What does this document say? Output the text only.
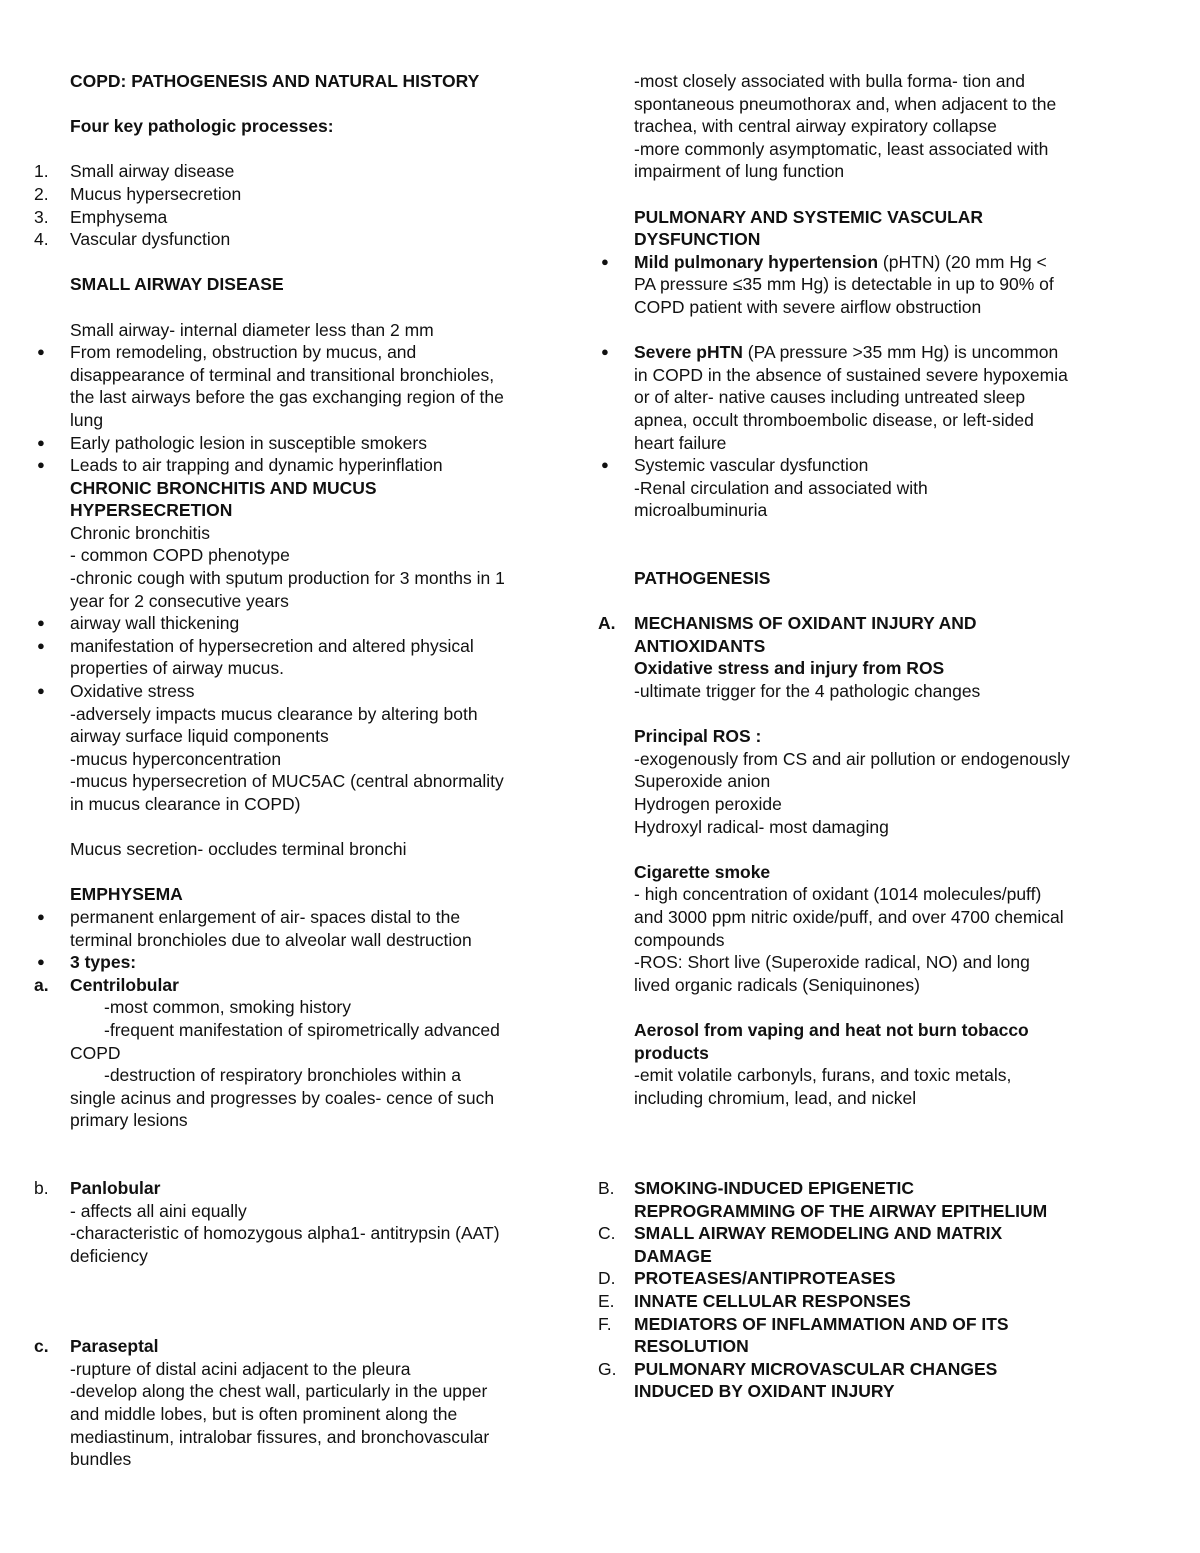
COPD: PATHOGENESIS AND NATURAL HISTORY
Four key pathologic processes:
1.	Small airway disease
2.	Mucus hypersecretion
3.	Emphysema
4.	Vascular dysfunction
SMALL AIRWAY DISEASE
Small airway- internal diameter less than 2 mm
●	From remodeling, obstruction by mucus, and
disappearance of terminal and transitional bronchioles,
the last airways before the gas exchanging region of the
lung
●	Early pathologic lesion in susceptible smokers
●	Leads to air trapping and dynamic hyperinflation
CHRONIC BRONCHITIS AND MUCUS
HYPERSECRETION
Chronic bronchitis
- common COPD phenotype
-chronic cough with sputum production for 3 months in 1
year for 2 consecutive years
●	airway wall thickening
●	manifestation of hypersecretion and altered physical
properties of airway mucus.
●	Oxidative stress
-adversely impacts mucus clearance by altering both
airway surface liquid components
-mucus hyperconcentration
-mucus hypersecretion of MUC5AC (central abnormality
in mucus clearance in COPD)
Mucus secretion- occludes terminal bronchi
EMPHYSEMA
●	permanent enlargement of air- spaces distal to the
terminal bronchioles due to alveolar wall destruction
●	3 types:
a.	Centrilobular
-most common, smoking history
-frequent manifestation of spirometrically advanced
COPD
-destruction of respiratory bronchioles within a
single acinus and progresses by coales- cence of such
primary lesions
b.	Panlobular
- affects all aini equally
-characteristic of homozygous alpha1- antitrypsin (AAT)
deficiency
c.	Paraseptal
-rupture of distal acini adjacent to the pleura
-develop along the chest wall, particularly in the upper
and middle lobes, but is often prominent along the
mediastinum, intralobar fissures, and bronchovascular
bundles
-most closely associated with bulla forma- tion and
spontaneous pneumothorax and, when adjacent to the
trachea, with central airway expiratory collapse
-more commonly asymptomatic, least associated with
impairment of lung function
PULMONARY AND SYSTEMIC VASCULAR
DYSFUNCTION
●	Mild pulmonary hypertension (pHTN) (20 mm Hg <
PA pressure ≤35 mm Hg) is detectable in up to 90% of
COPD patient with severe airflow obstruction
●	Severe pHTN (PA pressure >35 mm Hg) is uncommon
in COPD in the absence of sustained severe hypoxemia
or of alter- native causes including untreated sleep
apnea, occult thromboembolic disease, or left-sided
heart failure
●	Systemic vascular dysfunction
-Renal circulation and associated with
microalbuminuria
PATHOGENESIS
A.	MECHANISMS OF OXIDANT INJURY AND
ANTIOXIDANTS
Oxidative stress and injury from ROS
-ultimate trigger for the 4 pathologic changes
Principal ROS :
-exogenously from CS and air pollution or endogenously
Superoxide anion
Hydrogen peroxide
Hydroxyl radical- most damaging
Cigarette smoke
- high concentration of oxidant (1014 molecules/puff)
and 3000 ppm nitric oxide/puff, and over 4700 chemical
compounds
-ROS: Short live (Superoxide radical, NO) and long
lived organic radicals (Seniquinones)
Aerosol from vaping and heat not burn tobacco
products
-emit volatile carbonyls, furans, and toxic metals,
including chromium, lead, and nickel
B.	SMOKING-INDUCED EPIGENETIC
REPROGRAMMING OF THE AIRWAY EPITHELIUM
C.	SMALL AIRWAY REMODELING AND MATRIX
DAMAGE
D.	PROTEASES/ANTIPROTEASES
E.	INNATE CELLULAR RESPONSES
F.	MEDIATORS OF INFLAMMATION AND OF ITS
RESOLUTION
G.	PULMONARY MICROVASCULAR CHANGES
INDUCED BY OXIDANT INJURY
